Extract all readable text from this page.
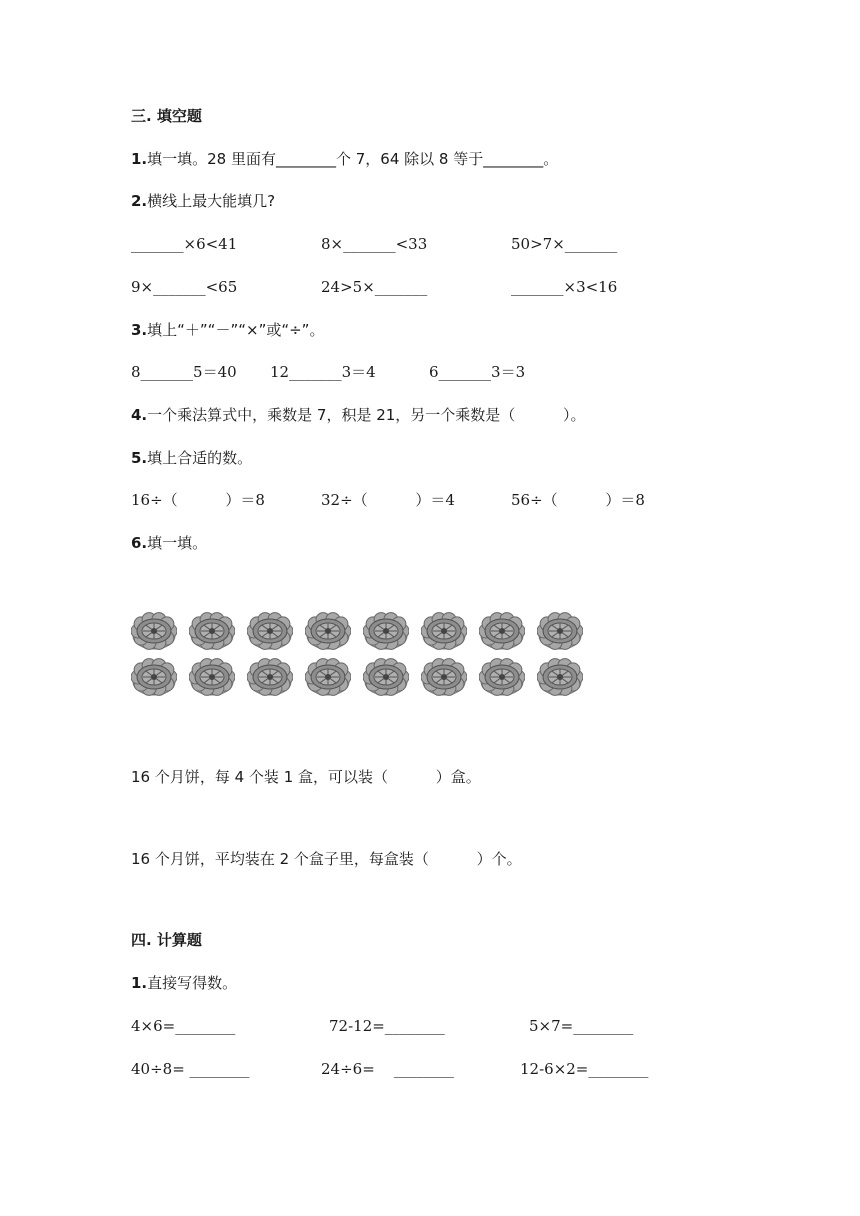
三. 填空题
1.填一填。28 里面有________个 7，64 除以 8 等于________。
2.横线上最大能填几?
_______×6<41	8×_______<33	50>7×_______
9×_______<65	24>5×_______	_______×3<16
3.填上“＋”“－”“×”或“÷”。
8_______5＝40 12_______3＝4	6_______3＝3
4.一个乘法算式中，乘数是 7，积是 21，另一个乘数是（          ）。
5.填上合适的数。
16÷（          ）＝8	32÷（          ）＝4	56÷（          ）＝8
6.填一填。
16 个月饼，每 4 个装 1 盒，可以装（          ）盒。
16 个月饼，平均装在 2 个盒子里，每盒装（          ）个。
四. 计算题
1.直接写得数。
4×6=________	72-12=________	5×7=________
40÷8= ________	24÷6=    ________	12-6×2=________
